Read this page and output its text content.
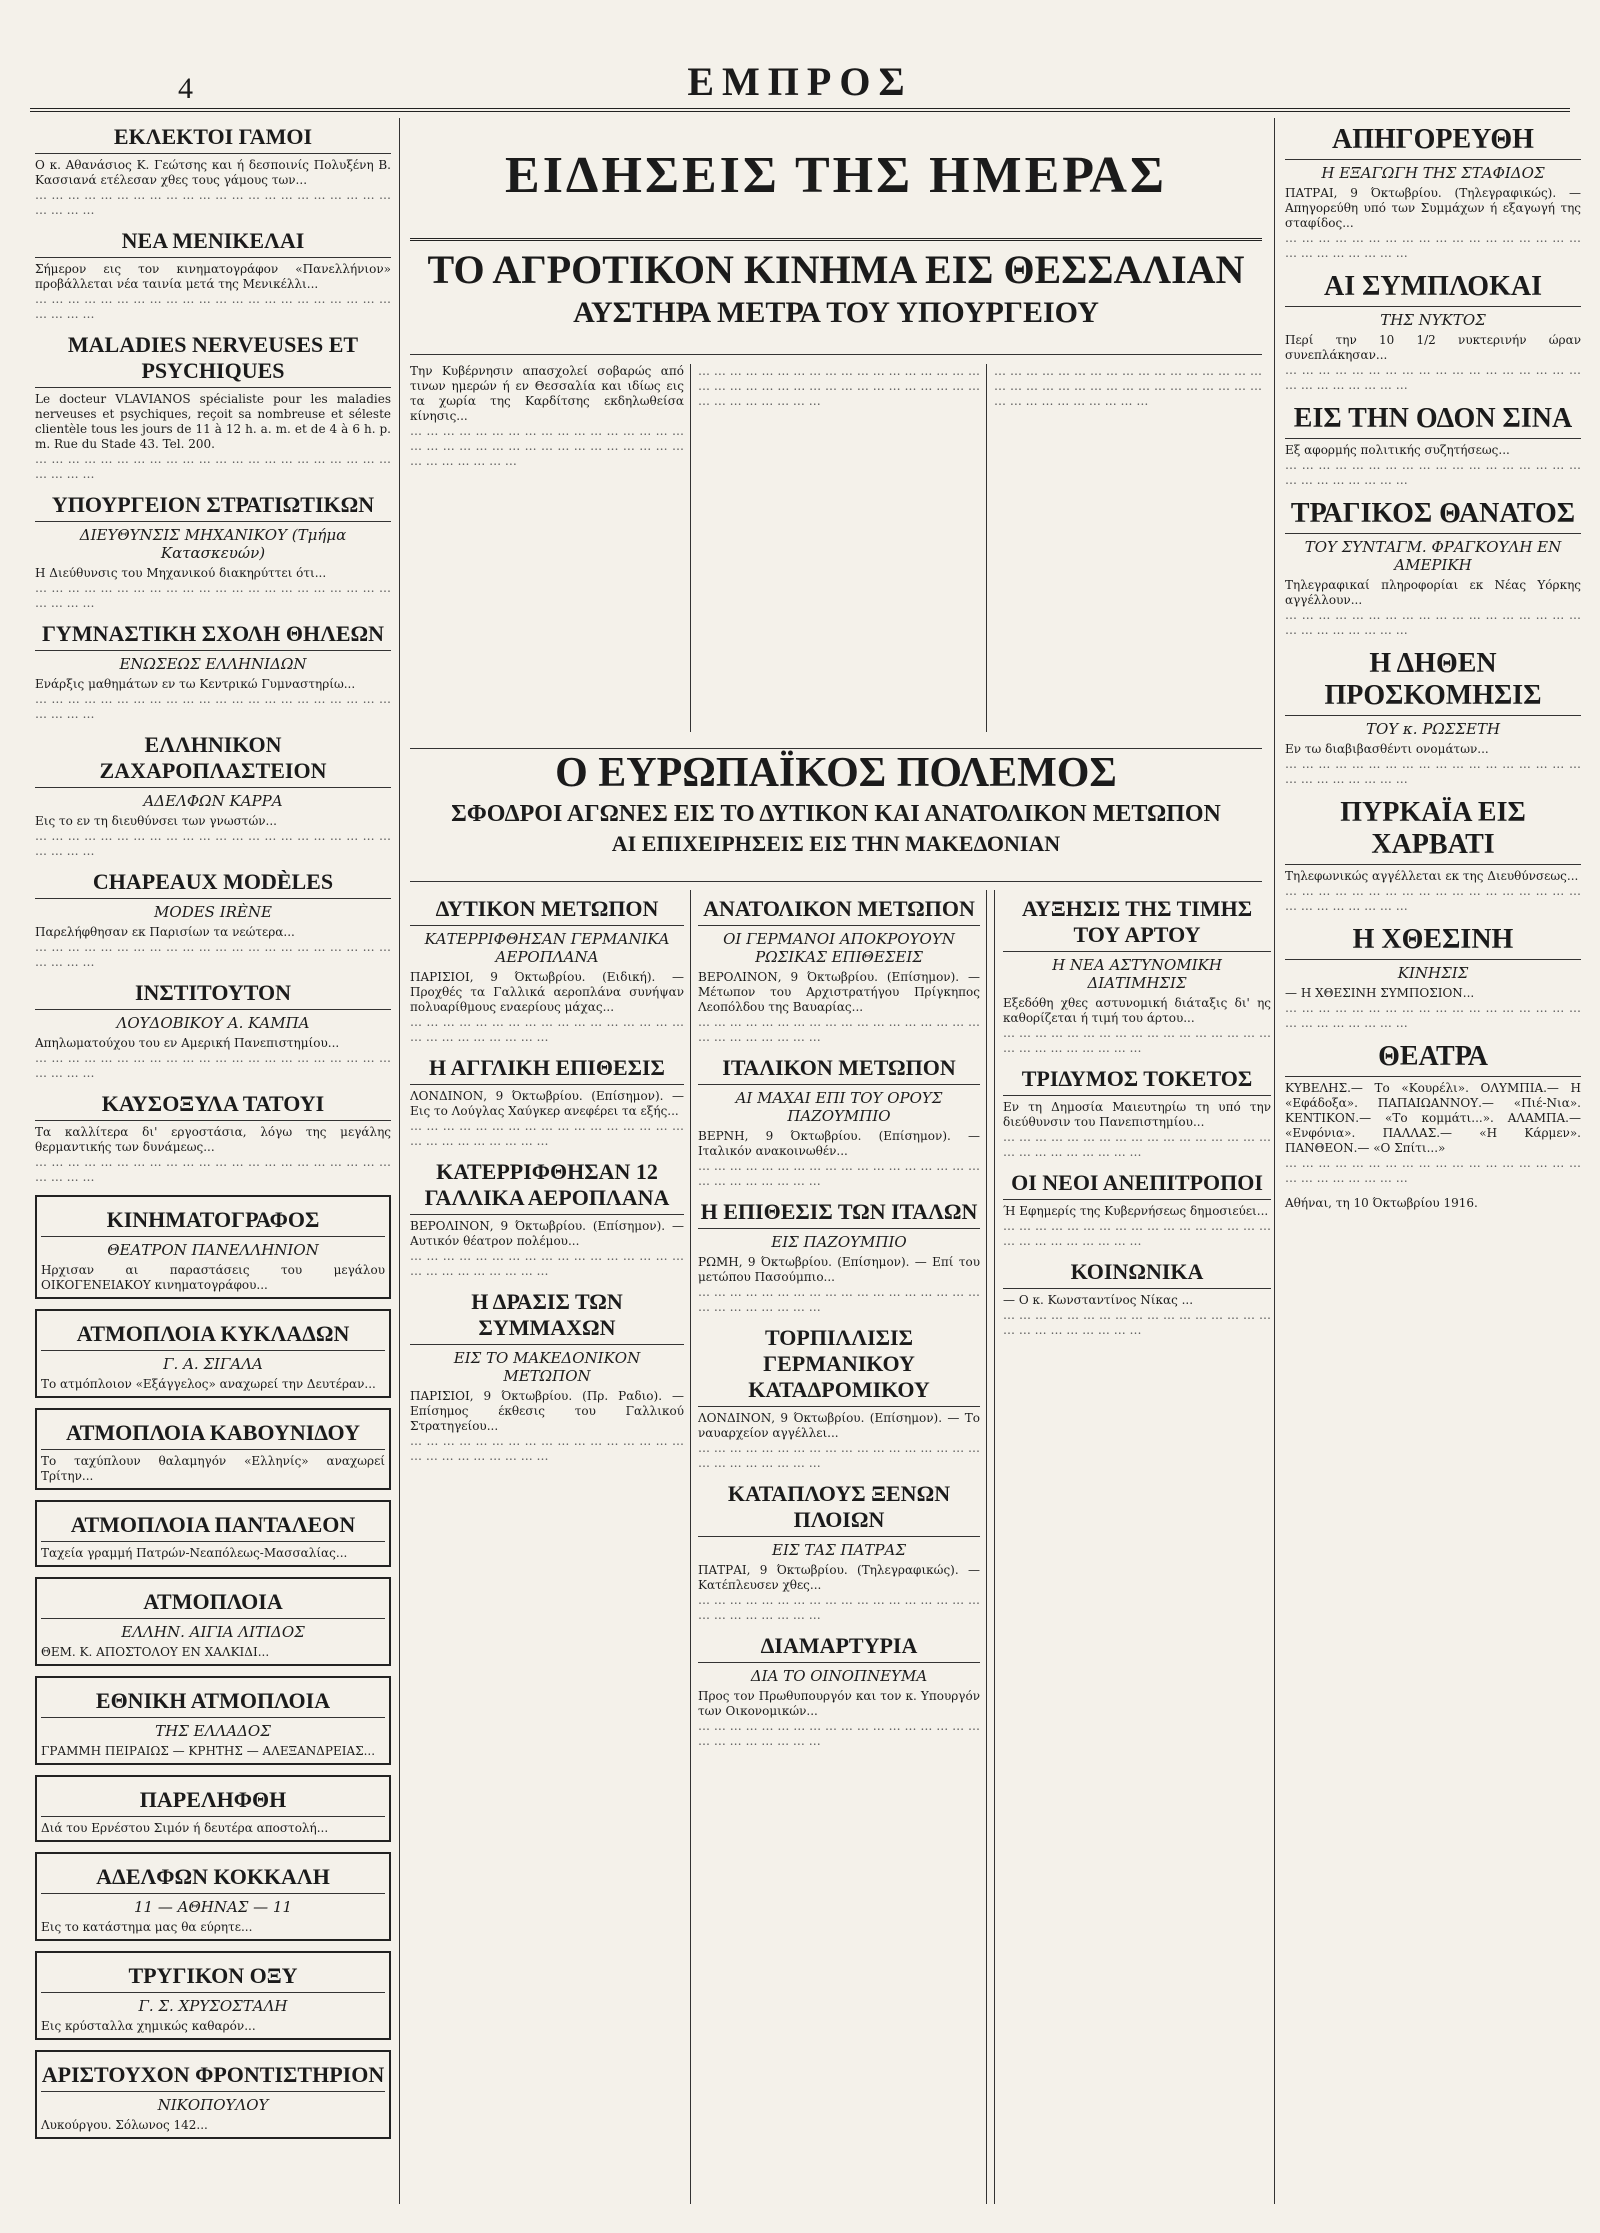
4	ΕΜΠΡΟΣ
ΕΚΛΕΚΤΟΙ ΓΑΜΟΙ

Ο κ. Αθανάσιος Κ. Γεώτσης και ή δεσποινίς Πολυξένη Β. Κασσιανά ετέλεσαν χθες τους γάμους των...

… … … … … … … … … … … … … … … … … … … … … … … … … …

ΝΕΑ ΜΕΝΙΚΕΛΑΙ

Σήμερον εις τον κινηματογράφον «Πανελλήνιον» προβάλλεται νέα ταινία μετά της Μενικέλλι...

… … … … … … … … … … … … … … … … … … … … … … … … … …

MALADIES NERVEUSES ET PSYCHIQUES

Le docteur VLAVIANOS spécialiste pour les maladies nerveuses et psychiques, reçoit sa nombreuse et séleste clientèle tous les jours de 11 à 12 h. a. m. et de 4 à 6 h. p. m. Rue du Stade 43. Tel. 200.

… … … … … … … … … … … … … … … … … … … … … … … … … …

ΥΠΟΥΡΓΕΙΟΝ ΣΤΡΑΤΙΩΤΙΚΩΝ
ΔΙΕΥΘΥΝΣΙΣ ΜΗΧΑΝΙΚΟΥ (Τμήμα Κατασκευών)

Η Διεύθυνσις του Μηχανικού διακηρύττει ότι...

… … … … … … … … … … … … … … … … … … … … … … … … … …

ΓΥΜΝΑΣΤΙΚΗ ΣΧΟΛΗ ΘΗΛΕΩΝ
ΕΝΩΣΕΩΣ ΕΛΛΗΝΙΔΩΝ

Ενάρξις μαθημάτων εν τω Κεντρικώ Γυμναστηρίω...

… … … … … … … … … … … … … … … … … … … … … … … … … …

ΕΛΛΗΝΙΚΟΝ ΖΑΧΑΡΟΠΛΑΣΤΕΙΟΝ
ΑΔΕΛΦΩΝ ΚΑΡΡΑ

Εις το εν τη διευθύνσει των γνωστών...

… … … … … … … … … … … … … … … … … … … … … … … … … …

CHAPEAUX MODÈLES
MODES IRÈNE

Παρελήφθησαν εκ Παρισίων τα νεώτερα...

… … … … … … … … … … … … … … … … … … … … … … … … … …

ΙΝΣΤΙΤΟΥΤΟΝ
ΛΟΥΔΟΒΙΚΟΥ Α. ΚΑΜΠΑ

Απηλωματούχου του εν Αμερική Πανεπιστημίου...

… … … … … … … … … … … … … … … … … … … … … … … … … …

ΚΑΥΣΟΞΥΛΑ ΤΑΤΟΥΙ

Τα καλλίτερα δι' εργοστάσια, λόγω της μεγάλης θερμαντικής των δυνάμεως...

… … … … … … … … … … … … … … … … … … … … … … … … … …

ΚΙΝΗΜΑΤΟΓΡΑΦΟΣ
ΘΕΑΤΡΟΝ ΠΑΝΕΛΛΗΝΙΟΝ

Ηρχισαν αι παραστάσεις του μεγάλου ΟΙΚΟΓΕΝΕΙΑΚΟΥ κινηματογράφου...

ΑΤΜΟΠΛΟΙΑ ΚΥΚΛΑΔΩΝ
Γ. Α. ΣΙΓΑΛΑ

Το ατμόπλοιον «Εξάγγελος» αναχωρεί την Δευτέραν...

ΑΤΜΟΠΛΟΙΑ ΚΑΒΟΥΝΙΔΟΥ

Το ταχύπλουν θαλαμηγόν «Ελληνίς» αναχωρεί Τρίτην...

ΑΤΜΟΠΛΟΙΑ ΠΑΝΤΑΛΕΟΝ

Ταχεία γραμμή Πατρών-Νεαπόλεως-Μασσαλίας...

ΑΤΜΟΠΛΟΙΑ
ΕΛΛΗΝ. ΑΙΓΙΑ ΛΙΤΙΔΟΣ

ΘΕΜ. Κ. ΑΠΟΣΤΟΛΟΥ ΕΝ ΧΑΛΚΙΔΙ...

ΕΘΝΙΚΗ ΑΤΜΟΠΛΟΙΑ
ΤΗΣ ΕΛΛΑΔΟΣ

ΓΡΑΜΜΗ ΠΕΙΡΑΙΩΣ — ΚΡΗΤΗΣ — ΑΛΕΞΑΝΔΡΕΙΑΣ...

ΠΑΡΕΛΗΦΘΗ

Διά του Ερνέστου Σιμόν ή δευτέρα αποστολή...

ΑΔΕΛΦΩΝ ΚΟΚΚΑΛΗ
11 — ΑΘΗΝΑΣ — 11

Εις το κατάστημα μας θα εύρητε...

ΤΡΥΓΙΚΟΝ ΟΞΥ
Γ. Σ. ΧΡΥΣΟΣΤΑΛΗ

Εις κρύσταλλα χημικώς καθαρόν...

ΑΡΙΣΤΟΥΧΟΝ ΦΡΟΝΤΙΣΤΗΡΙΟΝ
ΝΙΚΟΠΟΥΛΟΥ

Λυκούργου. Σόλωνος 142...

ΕΙΔΗΣΕΙΣ ΤΗΣ ΗΜΕΡΑΣ
ΤΟ ΑΓΡΟΤΙΚΟΝ ΚΙΝΗΜΑ ΕΙΣ ΘΕΣΣΑΛΙΑΝ
ΑΥΣΤΗΡΑ ΜΕΤΡΑ ΤΟΥ ΥΠΟΥΡΓΕΙΟΥ

Την Κυβέρνησιν απασχολεί σοβαρώς από τινων ημερών ή εν Θεσσαλία και ιδίως εις τα χωρία της Καρδίτσης εκδηλωθείσα κίνησις...

… … … … … … … … … … … … … … … … … … … … … … … … … … … … … … … … … … … … … … … … …

… … … … … … … … … … … … … … … … … … … … … … … … … … … … … … … … … … … … … … … … … … … …

… … … … … … … … … … … … … … … … … … … … … … … … … … … … … … … … … … … … … … … … … … … …

Ο ΕΥΡΩΠΑΪΚΟΣ ΠΟΛΕΜΟΣ
ΣΦΟΔΡΟΙ ΑΓΩΝΕΣ ΕΙΣ ΤΟ ΔΥΤΙΚΟΝ ΚΑΙ ΑΝΑΤΟΛΙΚΟΝ ΜΕΤΩΠΟΝ
ΑΙ ΕΠΙΧΕΙΡΗΣΕΙΣ ΕΙΣ ΤΗΝ ΜΑΚΕΔΟΝΙΑΝ
ΔΥΤΙΚΟΝ ΜΕΤΩΠΟΝ
ΚΑΤΕΡΡΙΦΘΗΣΑΝ ΓΕΡΜΑΝΙΚΑ ΑΕΡΟΠΛΑΝΑ

ΠΑΡΙΣΙΟΙ, 9 Όκτωβρίου. (Ειδική). — Προχθές τα Γαλλικά αεροπλάνα συνήψαν πολυαρίθμους εναερίους μάχας...

… … … … … … … … … … … … … … … … … … … … … … … … … …

Η ΑΓΓΛΙΚΗ ΕΠΙΘΕΣΙΣ

ΛΟΝΔΙΝΟΝ, 9 Όκτωβρίου. (Επίσημον). — Εις το Λούγλας Χαύγκερ ανεφέρει τα εξής...

… … … … … … … … … … … … … … … … … … … … … … … … … …

ΚΑΤΕΡΡΙΦΘΗΣΑΝ 12 ΓΑΛΛΙΚΑ ΑΕΡΟΠΛΑΝΑ

ΒΕΡΟΛΙΝΟΝ, 9 Όκτωβρίου. (Επίσημον). — Αυτικόν θέατρον πολέμου...

… … … … … … … … … … … … … … … … … … … … … … … … … …

Η ΔΡΑΣΙΣ ΤΩΝ ΣΥΜΜΑΧΩΝ
ΕΙΣ ΤΟ ΜΑΚΕΔΟΝΙΚΟΝ ΜΕΤΩΠΟΝ

ΠΑΡΙΣΙΟΙ, 9 Όκτωβρίου. (Πρ. Ραδιο). — Επίσημος έκθεσις του Γαλλικού Στρατηγείου...

… … … … … … … … … … … … … … … … … … … … … … … … … …

ΑΝΑΤΟΛΙΚΟΝ ΜΕΤΩΠΟΝ
ΟΙ ΓΕΡΜΑΝΟΙ ΑΠΟΚΡΟΥΟΥΝ ΡΩΣΙΚΑΣ ΕΠΙΘΕΣΕΙΣ

ΒΕΡΟΛΙΝΟΝ, 9 Όκτωβρίου. (Επίσημον). — Μέτωπον του Αρχιστρατήγου Πρίγκηπος Λεοπόλδου της Βαυαρίας...

… … … … … … … … … … … … … … … … … … … … … … … … … …

ΙΤΑΛΙΚΟΝ ΜΕΤΩΠΟΝ
ΑΙ ΜΑΧΑΙ ΕΠΙ ΤΟΥ ΟΡΟΥΣ ΠΑΖΟΥΜΠΙΟ

ΒΕΡΝΗ, 9 Όκτωβρίου. (Επίσημον). — Ιταλικόν ανακοινωθέν...

… … … … … … … … … … … … … … … … … … … … … … … … … …

Η ΕΠΙΘΕΣΙΣ ΤΩΝ ΙΤΑΛΩΝ
ΕΙΣ ΠΑΖΟΥΜΠΙΟ

ΡΩΜΗ, 9 Όκτωβρίου. (Επίσημον). — Επί του μετώπου Πασούμπιο...

… … … … … … … … … … … … … … … … … … … … … … … … … …

ΤΟΡΠΙΛΛΙΣΙΣ ΓΕΡΜΑΝΙΚΟΥ ΚΑΤΑΔΡΟΜΙΚΟΥ

ΛΟΝΔΙΝΟΝ, 9 Όκτωβρίου. (Επίσημον). — Το ναυαρχείον αγγέλλει...

… … … … … … … … … … … … … … … … … … … … … … … … … …

ΚΑΤΑΠΛΟΥΣ ΞΕΝΩΝ ΠΛΟΙΩΝ
ΕΙΣ ΤΑΣ ΠΑΤΡΑΣ

ΠΑΤΡΑΙ, 9 Όκτωβρίου. (Τηλεγραφικώς). — Κατέπλευσεν χθες...

… … … … … … … … … … … … … … … … … … … … … … … … … …

ΔΙΑΜΑΡΤΥΡΙΑ
ΔΙΑ ΤΟ ΟΙΝΟΠΝΕΥΜΑ

Προς τον Πρωθυπουργόν και τον κ. Υπουργόν των Οικονομικών...

… … … … … … … … … … … … … … … … … … … … … … … … … …

ΑΥΞΗΣΙΣ ΤΗΣ ΤΙΜΗΣ ΤΟΥ ΑΡΤΟΥ
Η ΝΕΑ ΑΣΤΥΝΟΜΙΚΗ ΔΙΑΤΙΜΗΣΙΣ

Εξεδόθη χθες αστυνομική διάταξις δι' ης καθορίζεται ή τιμή του άρτου...

… … … … … … … … … … … … … … … … … … … … … … … … … …

ΤΡΙΔΥΜΟΣ ΤΟΚΕΤΟΣ

Εν τη Δημοσία Μαιευτηρίω τη υπό την διεύθυνσιν του Πανεπιστημίου...

… … … … … … … … … … … … … … … … … … … … … … … … … …

ΟΙ ΝΕΟΙ ΑΝΕΠΙΤΡΟΠΟΙ

Ή Εφημερίς της Κυβερνήσεως δημοσιεύει...

… … … … … … … … … … … … … … … … … … … … … … … … … …

ΚΟΙΝΩΝΙΚΑ

— Ο κ. Κωνσταντίνος Νίκας ...

… … … … … … … … … … … … … … … … … … … … … … … … … …

ΑΠΗΓΟΡΕΥΘΗ
Η ΕΞΑΓΩΓΗ ΤΗΣ ΣΤΑΦΙΔΟΣ

ΠΑΤΡΑΙ, 9 Όκτωβρίου. (Τηλεγραφικώς). — Απηγορεύθη υπό των Συμμάχων ή εξαγωγή της σταφίδος...

… … … … … … … … … … … … … … … … … … … … … … … … … …

ΑΙ ΣΥΜΠΛΟΚΑΙ
ΤΗΣ ΝΥΚΤΟΣ

Περί την 10 1/2 νυκτερινήν ώραν συνεπλάκησαν...

… … … … … … … … … … … … … … … … … … … … … … … … … …

ΕΙΣ ΤΗΝ ΟΔΟΝ ΣΙΝΑ

Εξ αφορμής πολιτικής συζητήσεως...

… … … … … … … … … … … … … … … … … … … … … … … … … …

ΤΡΑΓΙΚΟΣ ΘΑΝΑΤΟΣ
ΤΟΥ ΣΥΝΤΑΓΜ. ΦΡΑΓΚΟΥΛΗ ΕΝ ΑΜΕΡΙΚΗ

Τηλεγραφικαί πληροφορίαι εκ Νέας Υόρκης αγγέλλουν...

… … … … … … … … … … … … … … … … … … … … … … … … … …

Η ΔΗΘΕΝ ΠΡΟΣΚΟΜΗΣΙΣ
ΤΟΥ κ. ΡΩΣΣΕΤΗ

Εν τω διαβιβασθέντι ονομάτων...

… … … … … … … … … … … … … … … … … … … … … … … … … …

ΠΥΡΚΑΪΑ ΕΙΣ ΧΑΡΒΑΤΙ

Τηλεφωνικώς αγγέλλεται εκ της Διευθύνσεως...

… … … … … … … … … … … … … … … … … … … … … … … … … …

Η ΧΘΕΣΙΝΗ
ΚΙΝΗΣΙΣ

— Η ΧΘΕΣΙΝΗ ΣΥΜΠΟΣΙΟΝ...

… … … … … … … … … … … … … … … … … … … … … … … … … …

ΘΕΑΤΡΑ

ΚΥΒΕΛΗΣ.— Το «Κουρέλι». ΟΛΥΜΠΙΑ.— Η «Εφάδοξα». ΠΑΠΑΙΩΑΝΝΟΥ.— «Πιέ-Νια». ΚΕΝΤΙΚΟΝ.— «Το κομμάτι...». ΑΛΑΜΠΑ.— «Ενφόνια». ΠΑΛΛΑΣ.— «Η Κάρμεν». ΠΑΝΘΕΟΝ.— «Ο Σπίτι...»

… … … … … … … … … … … … … … … … … … … … … … … … … …

Αθήναι, τη 10 Όκτωβρίου 1916.
